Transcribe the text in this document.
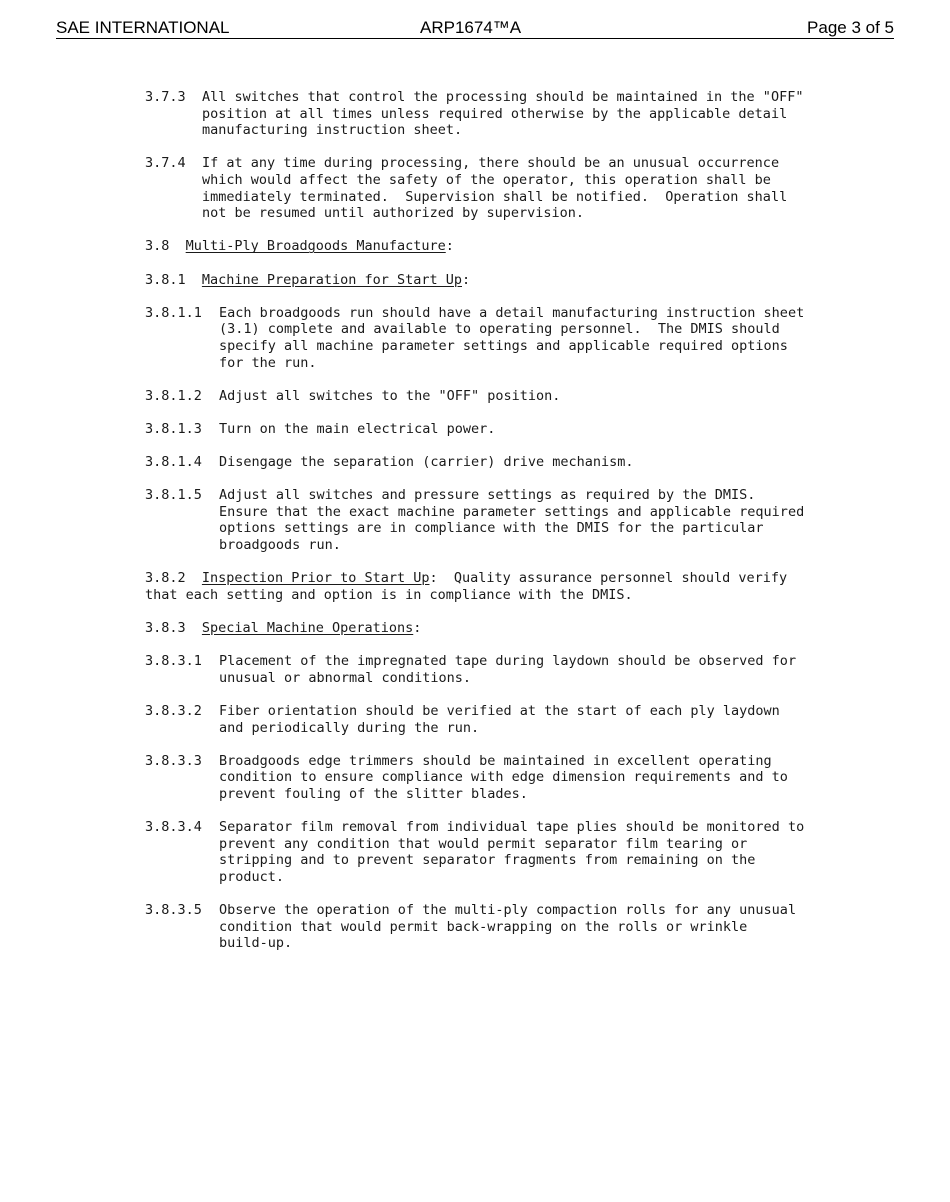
SAE INTERNATIONAL	ARP1674™A	Page 3 of 5
3.7.3 All switches that control the processing should be maintained in the "OFF"
position at all times unless required otherwise by the applicable detail
manufacturing instruction sheet.
3.7.4 If at any time during processing, there should be an unusual occurrence
which would affect the safety of the operator, this operation shall be
immediately terminated.  Supervision shall be notified.  Operation shall
not be resumed until authorized by supervision.
3.8 Multi-Ply Broadgoods Manufacture:
3.8.1 Machine Preparation for Start Up:
3.8.1.1 Each broadgoods run should have a detail manufacturing instruction sheet
(3.1) complete and available to operating personnel.  The DMIS should
specify all machine parameter settings and applicable required options
for the run.
3.8.1.2 Adjust all switches to the "OFF" position.
3.8.1.3 Turn on the main electrical power.
3.8.1.4 Disengage the separation (carrier) drive mechanism.
3.8.1.5 Adjust all switches and pressure settings as required by the DMIS.
Ensure that the exact machine parameter settings and applicable required
options settings are in compliance with the DMIS for the particular
broadgoods run.
3.8.2 Inspection Prior to Start Up:  Quality assurance personnel should verify
that each setting and option is in compliance with the DMIS.
3.8.3 Special Machine Operations:
3.8.3.1 Placement of the impregnated tape during laydown should be observed for
unusual or abnormal conditions.
3.8.3.2 Fiber orientation should be verified at the start of each ply laydown
and periodically during the run.
3.8.3.3 Broadgoods edge trimmers should be maintained in excellent operating
condition to ensure compliance with edge dimension requirements and to
prevent fouling of the slitter blades.
3.8.3.4 Separator film removal from individual tape plies should be monitored to
prevent any condition that would permit separator film tearing or
stripping and to prevent separator fragments from remaining on the
product.
3.8.3.5 Observe the operation of the multi-ply compaction rolls for any unusual
condition that would permit back-wrapping on the rolls or wrinkle
build-up.
